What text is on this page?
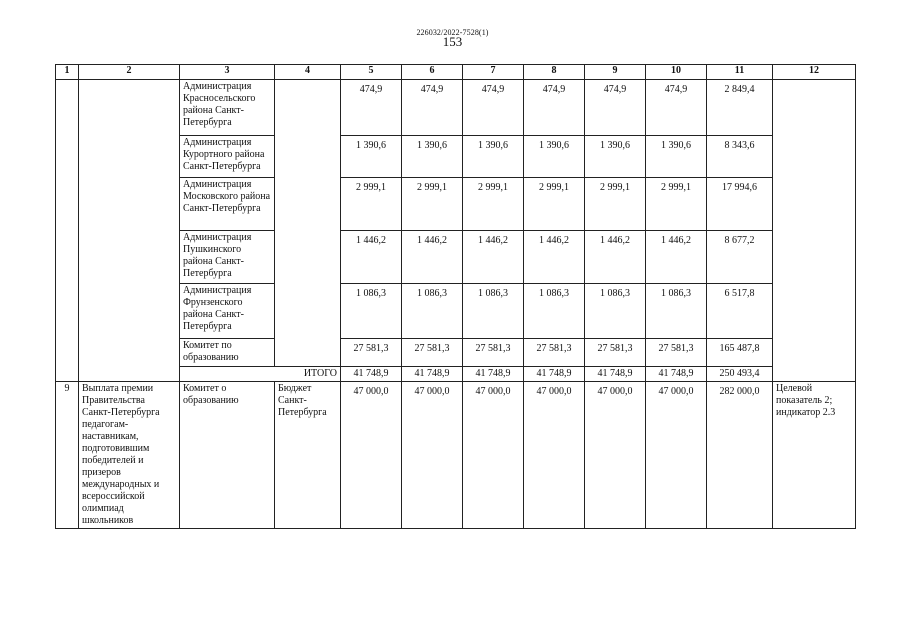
226032/2022-7528(1)
153
1	2	3	4	5	6	7	8	9	10	11	12
		Администрация Красносельского района Санкт-Петербурга		474,9	474,9	474,9	474,9	474,9	474,9	2 849,4	
		Администрация Курортного района Санкт-Петербурга		1 390,6	1 390,6	1 390,6	1 390,6	1 390,6	1 390,6	8 343,6	
		Администрация Московского района Санкт-Петербурга		2 999,1	2 999,1	2 999,1	2 999,1	2 999,1	2 999,1	17 994,6	
		Администрация Пушкинского района Санкт-Петербурга		1 446,2	1 446,2	1 446,2	1 446,2	1 446,2	1 446,2	8 677,2	
		Администрация Фрунзенского района Санкт-Петербурга		1 086,3	1 086,3	1 086,3	1 086,3	1 086,3	1 086,3	6 517,8	
		Комитет по образованию		27 581,3	27 581,3	27 581,3	27 581,3	27 581,3	27 581,3	165 487,8	
		ИТОГО		41 748,9	41 748,9	41 748,9	41 748,9	41 748,9	41 748,9	250 493,4	
9	Выплата премии Правительства Санкт-Петербурга педагогам-наставникам, подготовившим победителей и призеров международных и всероссийской олимпиад школьников	Комитет о образованию	Бюджет Санкт-Петербурга	47 000,0	47 000,0	47 000,0	47 000,0	47 000,0	47 000,0	282 000,0	Целевой показатель 2; индикатор 2.3
